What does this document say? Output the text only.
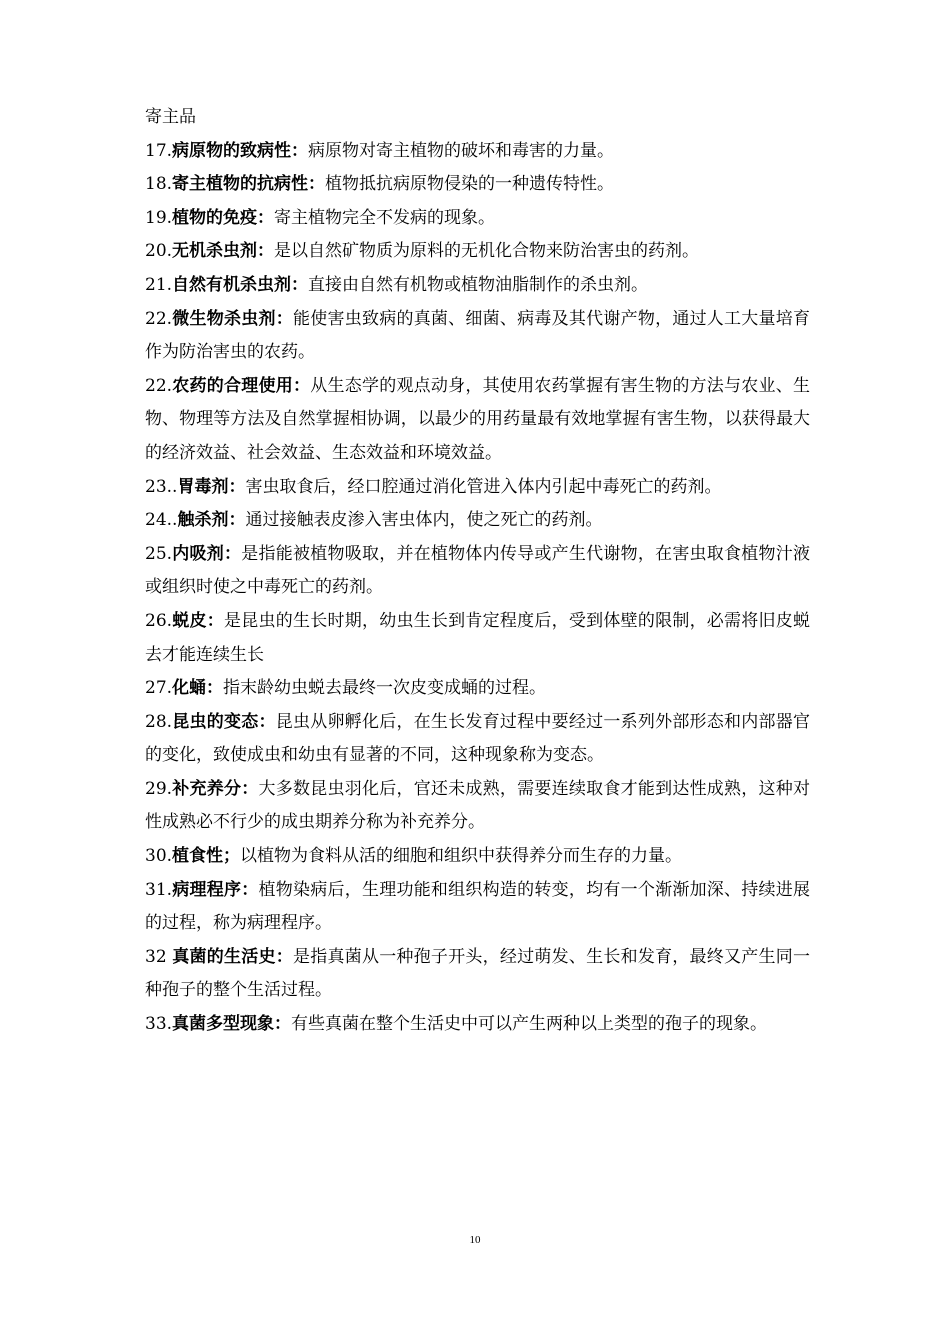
寄主品

17.病原物的致病性：病原物对寄主植物的破坏和毒害的力量。

18.寄主植物的抗病性：植物抵抗病原物侵染的一种遗传特性。

19.植物的免疫：寄主植物完全不发病的现象。

20.无机杀虫剂：是以自然矿物质为原料的无机化合物来防治害虫的药剂。

21.自然有机杀虫剂：直接由自然有机物或植物油脂制作的杀虫剂。

22.微生物杀虫剂：能使害虫致病的真菌、细菌、病毒及其代谢产物，通过人工大量培育作为防治害虫的农药。

22.农药的合理使用：从生态学的观点动身，其使用农药掌握有害生物的方法与农业、生物、物理等方法及自然掌握相协调，以最少的用药量最有效地掌握有害生物，以获得最大的经济效益、社会效益、生态效益和环境效益。

23..胃毒剂：害虫取食后，经口腔通过消化管进入体内引起中毒死亡的药剂。

24..触杀剂：通过接触表皮渗入害虫体内，使之死亡的药剂。

25.内吸剂：是指能被植物吸取，并在植物体内传导或产生代谢物，在害虫取食植物汁液或组织时使之中毒死亡的药剂。

26.蜕皮：是昆虫的生长时期，幼虫生长到肯定程度后，受到体壁的限制，必需将旧皮蜕去才能连续生长

27.化蛹：指末龄幼虫蜕去最终一次皮变成蛹的过程。

28.昆虫的变态：昆虫从卵孵化后，在生长发育过程中要经过一系列外部形态和内部器官的变化，致使成虫和幼虫有显著的不同，这种现象称为变态。

29.补充养分：大多数昆虫羽化后，官还未成熟，需要连续取食才能到达性成熟，这种对性成熟必不行少的成虫期养分称为补充养分。

30.植食性；以植物为食料从活的细胞和组织中获得养分而生存的力量。

31.病理程序：植物染病后，生理功能和组织构造的转变，均有一个渐渐加深、持续进展的过程，称为病理程序。

32 真菌的生活史：是指真菌从一种孢子开头，经过萌发、生长和发育，最终又产生同一种孢子的整个生活过程。

33.真菌多型现象：有些真菌在整个生活史中可以产生两种以上类型的孢子的现象。

10
